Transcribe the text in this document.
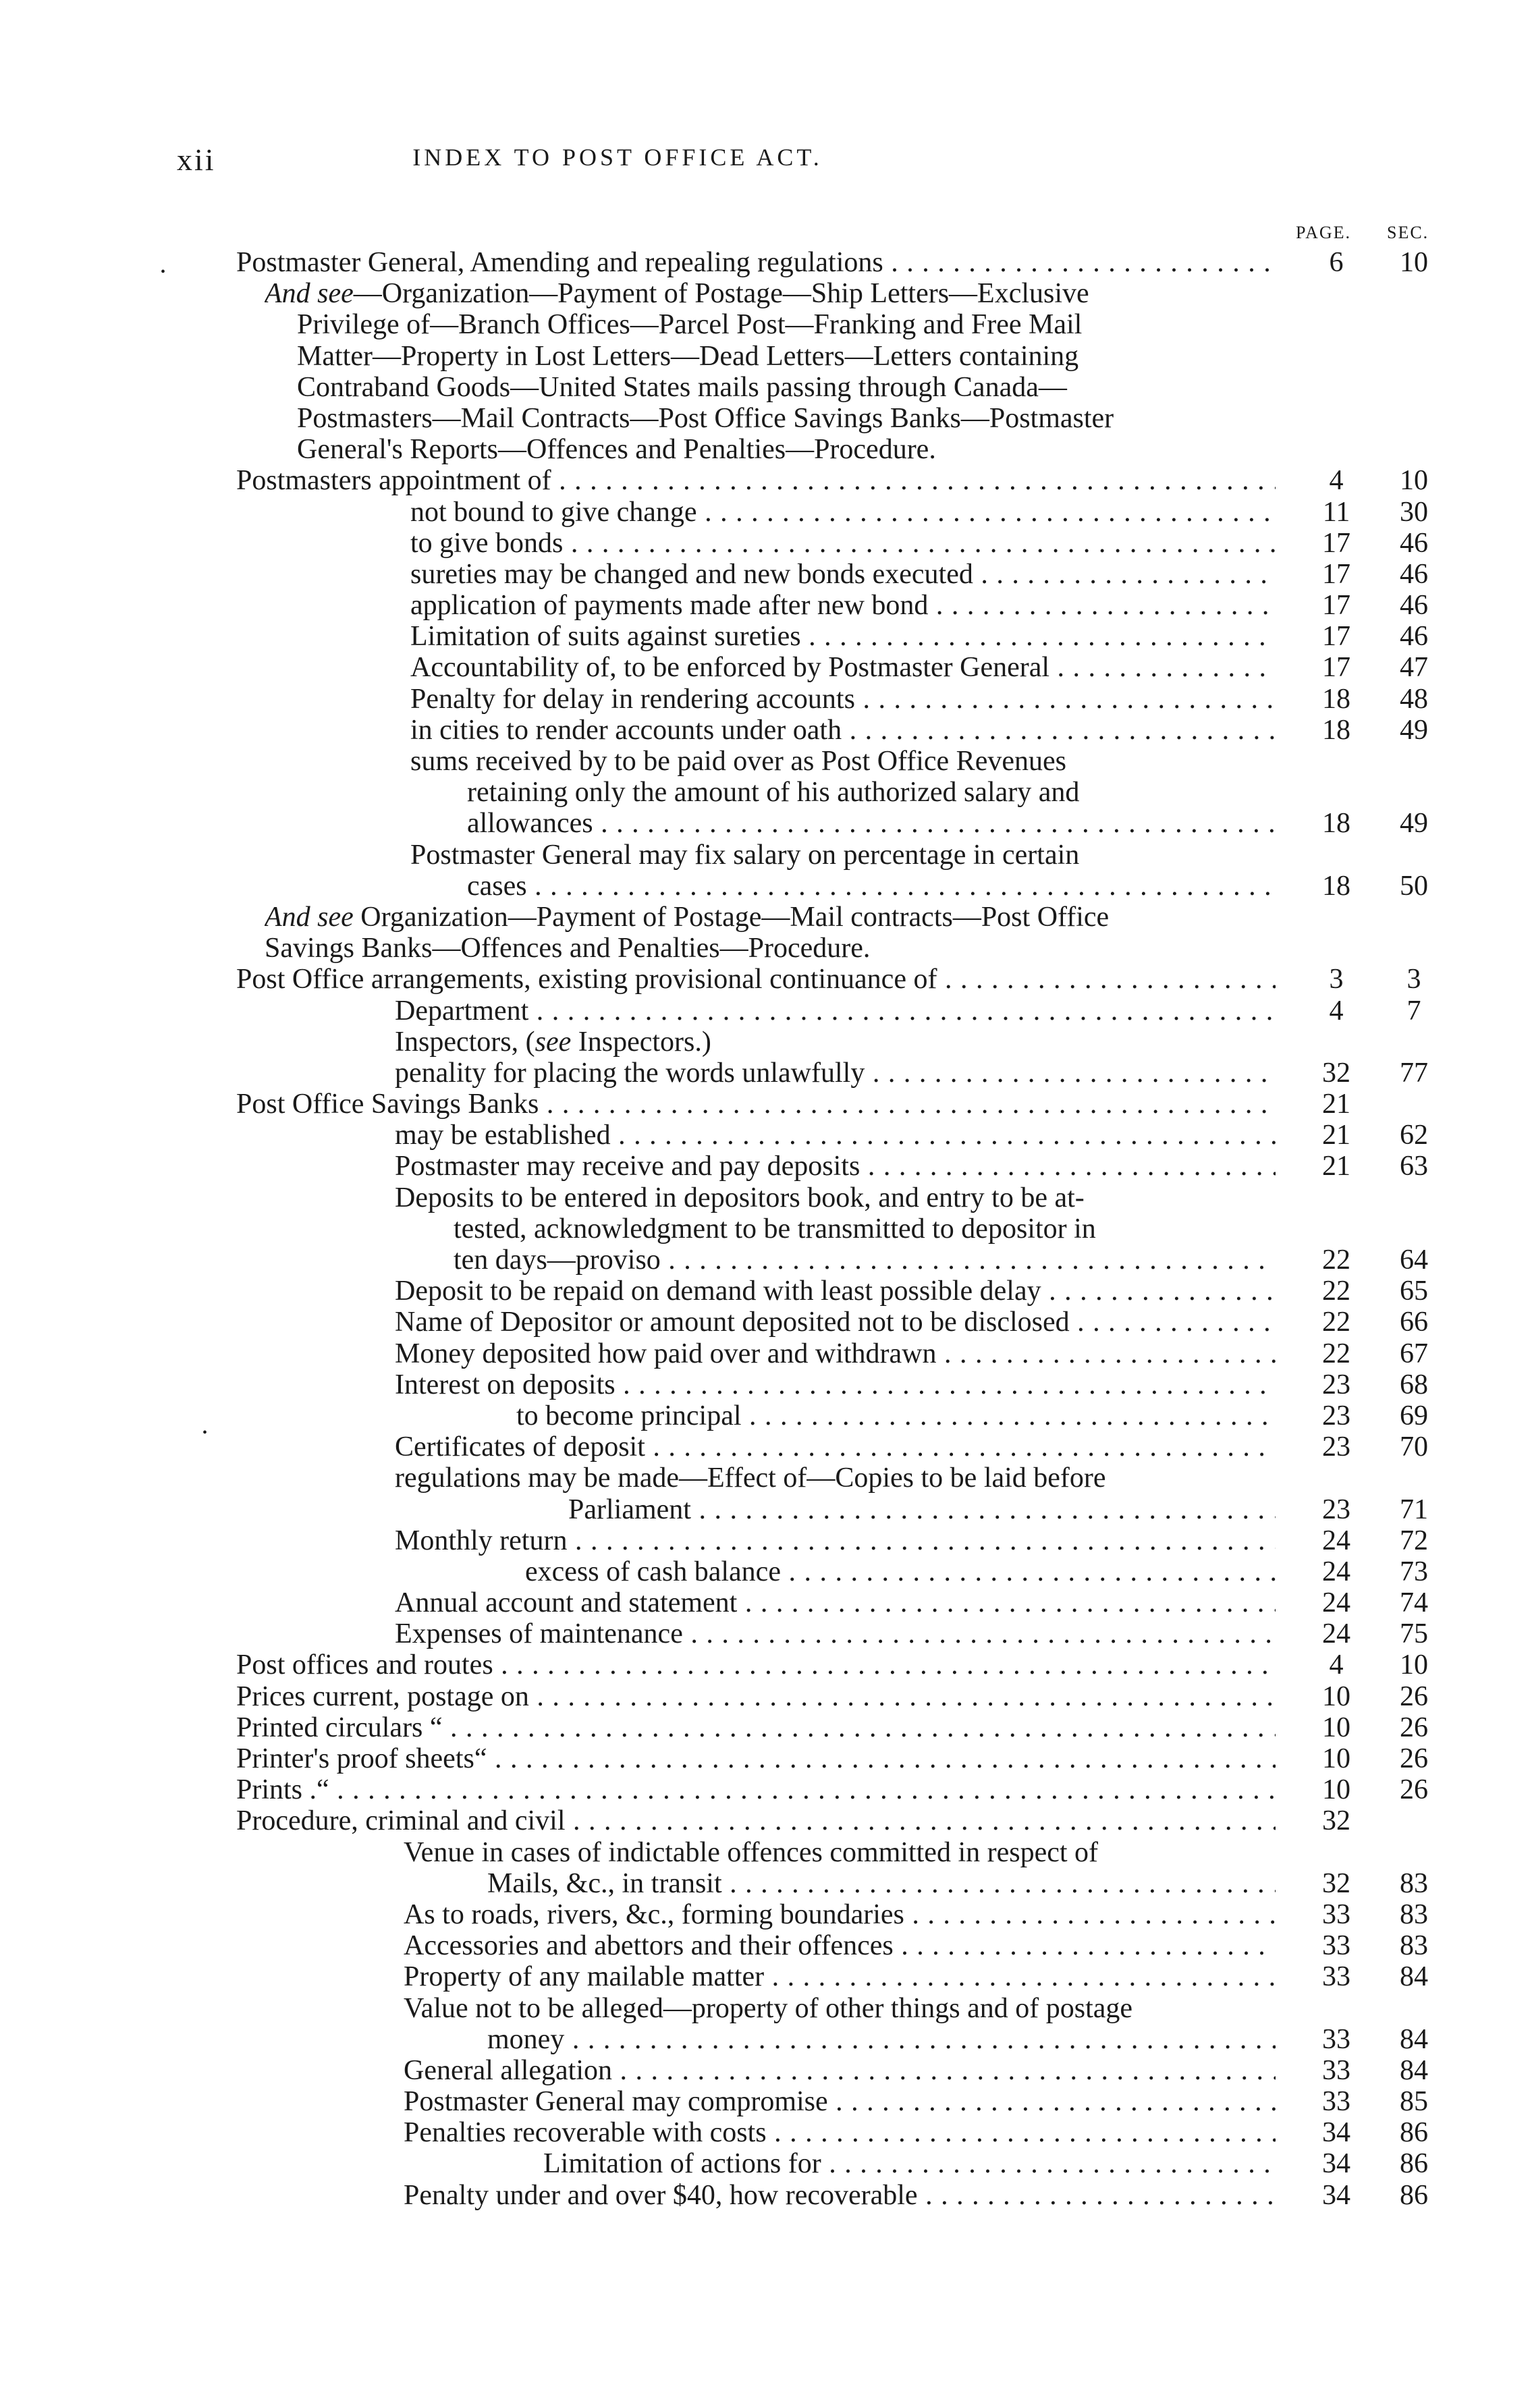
xii	INDEX TO POST OFFICE ACT.
PAGE. SEC.
•
•
Postmaster General, Amending and repealing regulations . . .	6	10
And see—Organization—Payment of Postage—Ship Letters—Exclusive
Privilege of—Branch Offices—Parcel Post—Franking and Free Mail
Matter—Property in Lost Letters—Dead Letters—Letters containing
Contraband Goods—United States mails passing through Canada—
Postmasters—Mail Contracts—Post Office Savings Banks—Postmaster
General's Reports—Offences and Penalties—Procedure.
Postmasters appointment of . . .	4	10
not bound to give change . . .	11	30
to give bonds . . .	17	46
sureties may be changed and new bonds executed . . .	17	46
application of payments made after new bond . . .	17	46
Limitation of suits against sureties . . .	17	46
Accountability of, to be enforced by Postmaster General . . .	17	47
Penalty for delay in rendering accounts . . .	18	48
in cities to render accounts under oath . . .	18	49
sums received by to be paid over as Post Office Revenues
retaining only the amount of his authorized salary and
allowances . . .	18	49
Postmaster General may fix salary on percentage in certain
cases . . .	18	50
And see Organization—Payment of Postage—Mail contracts—Post Office
Savings Banks—Offences and Penalties—Procedure.
Post Office arrangements, existing provisional continuance of . . .	3	3
Department . . .	4	7
Inspectors, (see Inspectors.)
penality for placing the words unlawfully . . .	32	77
Post Office Savings Banks . . .	21
may be established . . .	21	62
Postmaster may receive and pay deposits . . .	21	63
Deposits to be entered in depositors book, and entry to be at-
tested, acknowledgment to be transmitted to depositor in
ten days—proviso . . .	22	64
Deposit to be repaid on demand with least possible delay . . .	22	65
Name of Depositor or amount deposited not to be disclosed . . .	22	66
Money deposited how paid over and withdrawn . . .	22	67
Interest on deposits . . .	23	68
to become principal . . .	23	69
Certificates of deposit . . .	23	70
regulations may be made—Effect of—Copies to be laid before
Parliament . . .	23	71
Monthly return . . .	24	72
excess of cash balance . . .	24	73
Annual account and statement . . .	24	74
Expenses of maintenance . . .	24	75
Post offices and routes . . .	4	10
Prices current, postage on . . .	10	26
Printed circulars “ . . .	10	26
Printer's proof sheets“ . . .	10	26
Prints .“ . . .	10	26
Procedure, criminal and civil . . .	32
Venue in cases of indictable offences committed in respect of
Mails, &c., in transit . . .	32	83
As to roads, rivers, &c., forming boundaries . . .	33	83
Accessories and abettors and their offences . . .	33	83
Property of any mailable matter . . .	33	84
Value not to be alleged—property of other things and of postage
money . . .	33	84
General allegation . . .	33	84
Postmaster General may compromise . . .	33	85
Penalties recoverable with costs . . .	34	86
Limitation of actions for . . .	34	86
Penalty under and over $40, how recoverable . . .	34	86
